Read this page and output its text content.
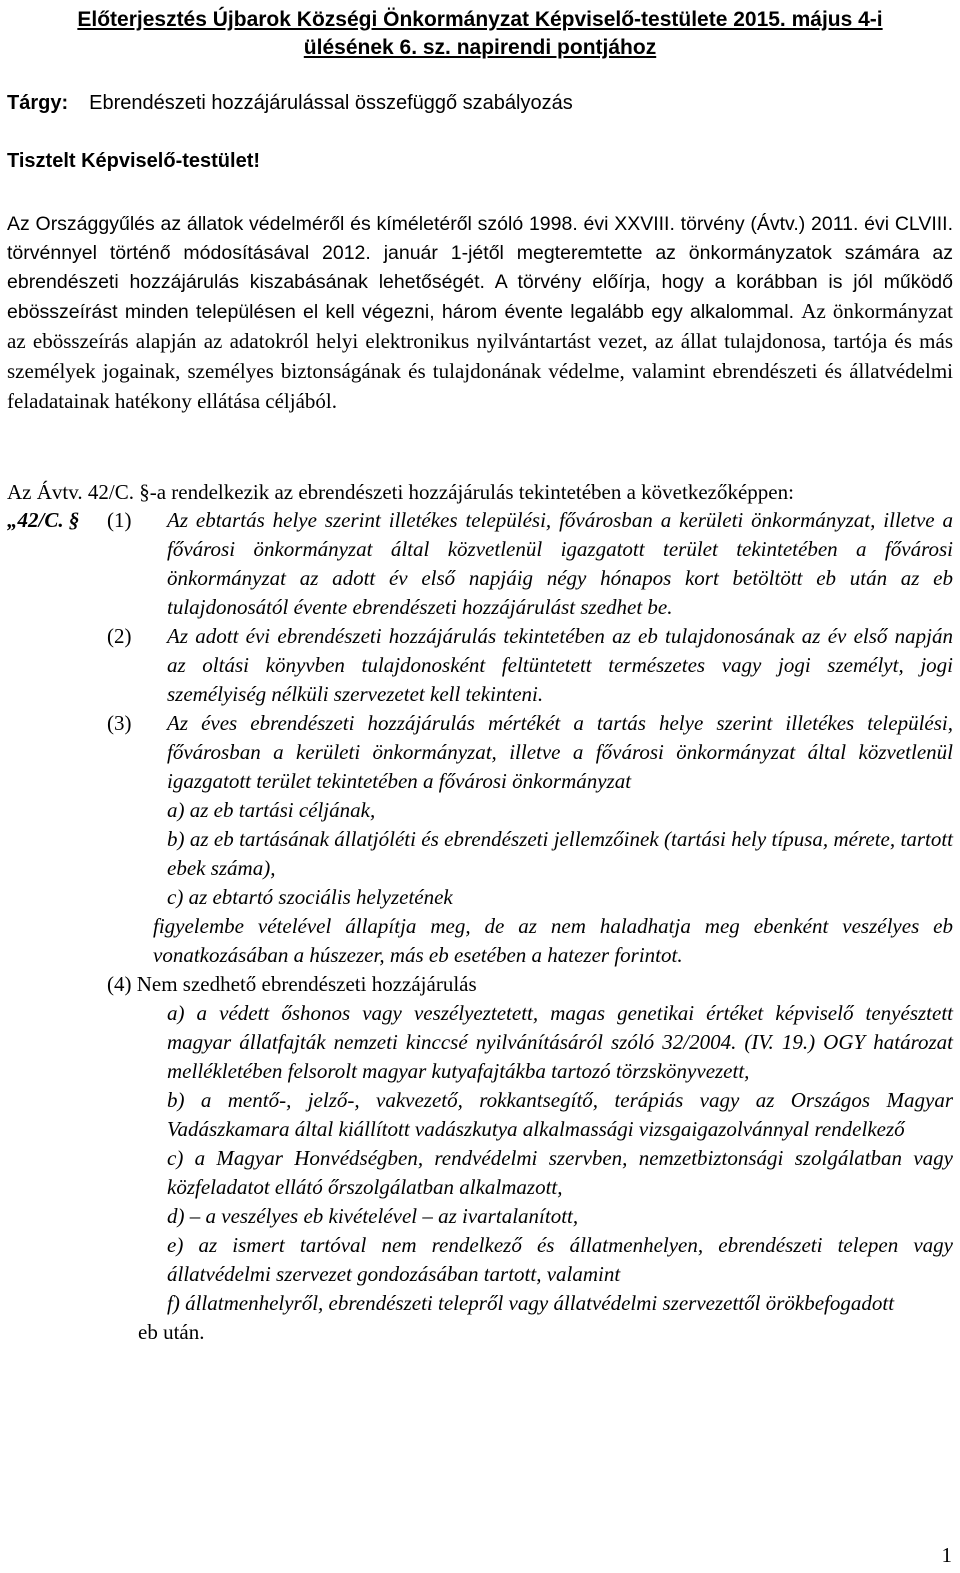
Előterjesztés Újbarok Községi Önkormányzat Képviselő-testülete 2015. május 4-i
ülésének 6. sz. napirendi pontjához
Tárgy: Ebrendészeti hozzájárulással összefüggő szabályozás
Tisztelt Képviselő-testület!
Az Országgyűlés az állatok védelméről és kíméletéről szóló 1998. évi XXVIII. törvény (Ávtv.) 2011. évi CLVIII. törvénnyel történő módosításával 2012. január 1-jétől megteremtette az önkormányzatok számára az ebrendészeti hozzájárulás kiszabásának lehetőségét. A törvény előírja, hogy a korábban is jól működő ebösszeírást minden településen el kell végezni, három évente legalább egy alkalommal. Az önkormányzat az ebösszeírás alapján az adatokról helyi elektronikus nyilvántartást vezet, az állat tulajdonosa, tartója és más személyek jogainak, személyes biztonságának és tulajdonának védelme, valamint ebrendészeti és állatvédelmi feladatainak hatékony ellátása céljából.
Az Ávtv. 42/C. §-a rendelkezik az ebrendészeti hozzájárulás tekintetében a következőképpen:
„42/C. § (1) Az ebtartás helye szerint illetékes települési, fővárosban a kerületi önkormányzat, illetve a fővárosi önkormányzat által közvetlenül igazgatott terület tekintetében a fővárosi önkormányzat az adott év első napjáig négy hónapos kort betöltött eb után az eb tulajdonosától évente ebrendészeti hozzájárulást szedhet be.
(2) Az adott évi ebrendészeti hozzájárulás tekintetében az eb tulajdonosának az év első napján az oltási könyvben tulajdonosként feltüntetett természetes vagy jogi személyt, jogi személyiség nélküli szervezetet kell tekinteni.
(3) Az éves ebrendészeti hozzájárulás mértékét a tartás helye szerint illetékes települési, fővárosban a kerületi önkormányzat, illetve a fővárosi önkormányzat által közvetlenül igazgatott terület tekintetében a fővárosi önkormányzat
a) az eb tartási céljának,
b) az eb tartásának állatjóléti és ebrendészeti jellemzőinek (tartási hely típusa, mérete, tartott ebek száma),
c) az ebtartó szociális helyzetének
figyelembe vételével állapítja meg, de az nem haladhatja meg ebenként veszélyes eb vonatkozásában a húszezer, más eb esetében a hatezer forintot.
(4) Nem szedhető ebrendészeti hozzájárulás
a) a védett őshonos vagy veszélyeztetett, magas genetikai értéket képviselő tenyésztett magyar állatfajták nemzeti kinccsé nyilvánításáról szóló 32/2004. (IV. 19.) OGY határozat mellékletében felsorolt magyar kutyafajtákba tartozó törzskönyvezett,
b) a mentő-, jelző-, vakvezető, rokkantsegítő, terápiás vagy az Országos Magyar Vadászkamara által kiállított vadászkutya alkalmassági vizsgaigazolvánnyal rendelkező
c) a Magyar Honvédségben, rendvédelmi szervben, nemzetbiztonsági szolgálatban vagy közfeladatot ellátó őrszolgálatban alkalmazott,
d) – a veszélyes eb kivételével – az ivartalanított,
e) az ismert tartóval nem rendelkező és állatmenhelyen, ebrendészeti telepen vagy állatvédelmi szervezet gondozásában tartott, valamint
f) állatmenhelyről, ebrendészeti telepről vagy állatvédelmi szervezettől örökbefogadott
eb után.
1
